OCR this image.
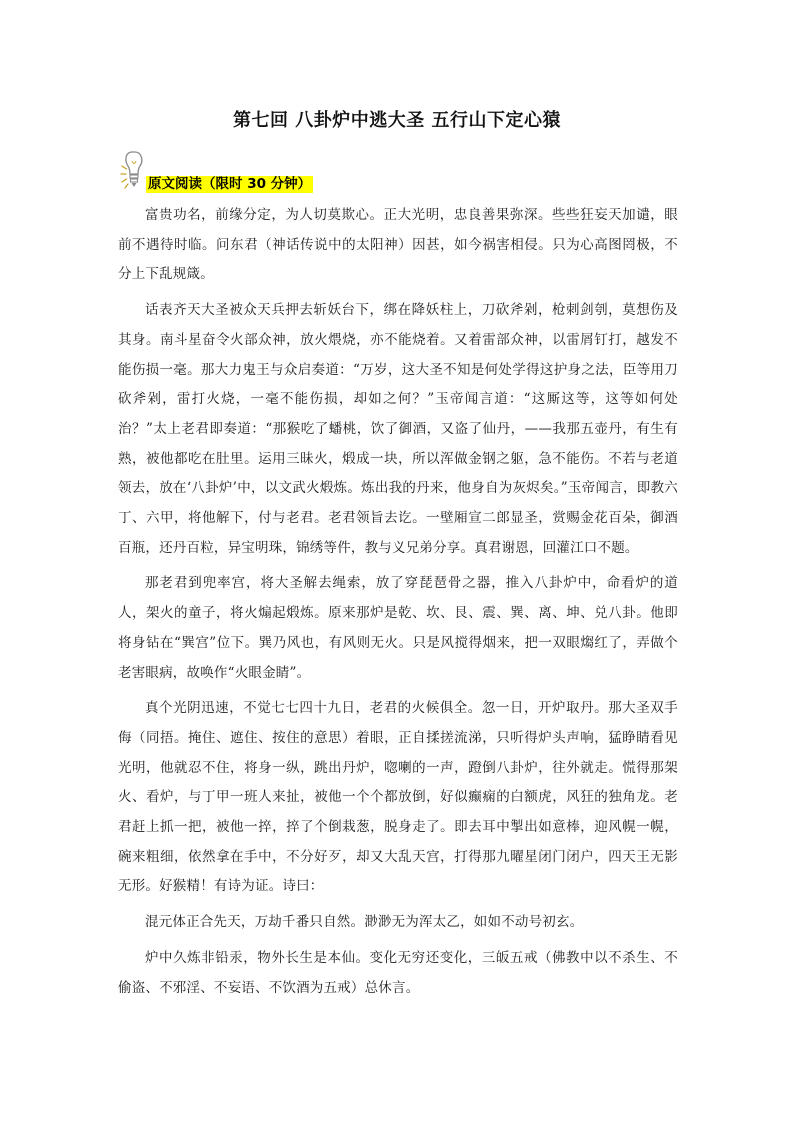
第七回 八卦炉中逃大圣 五行山下定心猿
原文阅读（限时 30 分钟）

富贵功名，前缘分定，为人切莫欺心。正大光明，忠良善果弥深。些些狂妄天加谴，眼前不遇待时临。问东君（神话传说中的太阳神）因甚，如今祸害相侵。只为心高图罔极，不分上下乱规箴。

话表齐天大圣被众天兵押去斩妖台下，绑在降妖柱上，刀砍斧剁，枪刺剑刳，莫想伤及其身。南斗星奋令火部众神，放火煨烧，亦不能烧着。又着雷部众神，以雷屑钉打，越发不能伤损一毫。那大力鬼王与众启奏道：“万岁，这大圣不知是何处学得这护身之法，臣等用刀砍斧剁，雷打火烧，一毫不能伤损，却如之何？”玉帝闻言道：“这厮这等，这等如何处治？”太上老君即奏道：“那猴吃了蟠桃，饮了御酒，又盗了仙丹，——我那五壶丹，有生有熟，被他都吃在肚里。运用三昧火，煅成一块，所以浑做金钢之躯，急不能伤。不若与老道领去，放在‘八卦炉’中，以文武火煅炼。炼出我的丹来，他身自为灰烬矣。”玉帝闻言，即教六丁、六甲，将他解下，付与老君。老君领旨去讫。一壁厢宣二郎显圣，赏赐金花百朵，御酒百瓶，还丹百粒，异宝明珠，锦绣等件，教与义兄弟分享。真君谢恩，回灌江口不题。

那老君到兜率宫，将大圣解去绳索，放了穿琵琶骨之器，推入八卦炉中，命看炉的道人，架火的童子，将火煽起煅炼。原来那炉是乾、坎、艮、震、巽、离、坤、兑八卦。他即将身钻在“巽宫”位下。巽乃风也，有风则无火。只是风搅得烟来，把一双眼煼红了，弄做个老害眼病，故唤作“火眼金睛”。

真个光阴迅速，不觉七七四十九日，老君的火候俱全。忽一日，开炉取丹。那大圣双手侮（同捂。掩住、遮住、按住的意思）着眼，正自揉搓流涕，只听得炉头声响，猛睁睛看见光明，他就忍不住，将身一纵，跳出丹炉，唿喇的一声，蹬倒八卦炉，往外就走。慌得那架火、看炉，与丁甲一班人来扯，被他一个个都放倒，好似癫痫的白额虎，风狂的独角龙。老君赶上抓一把，被他一捽，捽了个倒栽葱，脱身走了。即去耳中掣出如意棒，迎风幌一幌，碗来粗细，依然拿在手中，不分好歹，却又大乱天宫，打得那九曜星闭门闭户，四天王无影无形。好猴精！有诗为证。诗曰：

混元体正合先天，万劫千番只自然。渺渺无为浑太乙，如如不动号初玄。

炉中久炼非铅汞，物外长生是本仙。变化无穷还变化，三皈五戒（佛教中以不杀生、不偷盗、不邪淫、不妄语、不饮酒为五戒）总休言。
